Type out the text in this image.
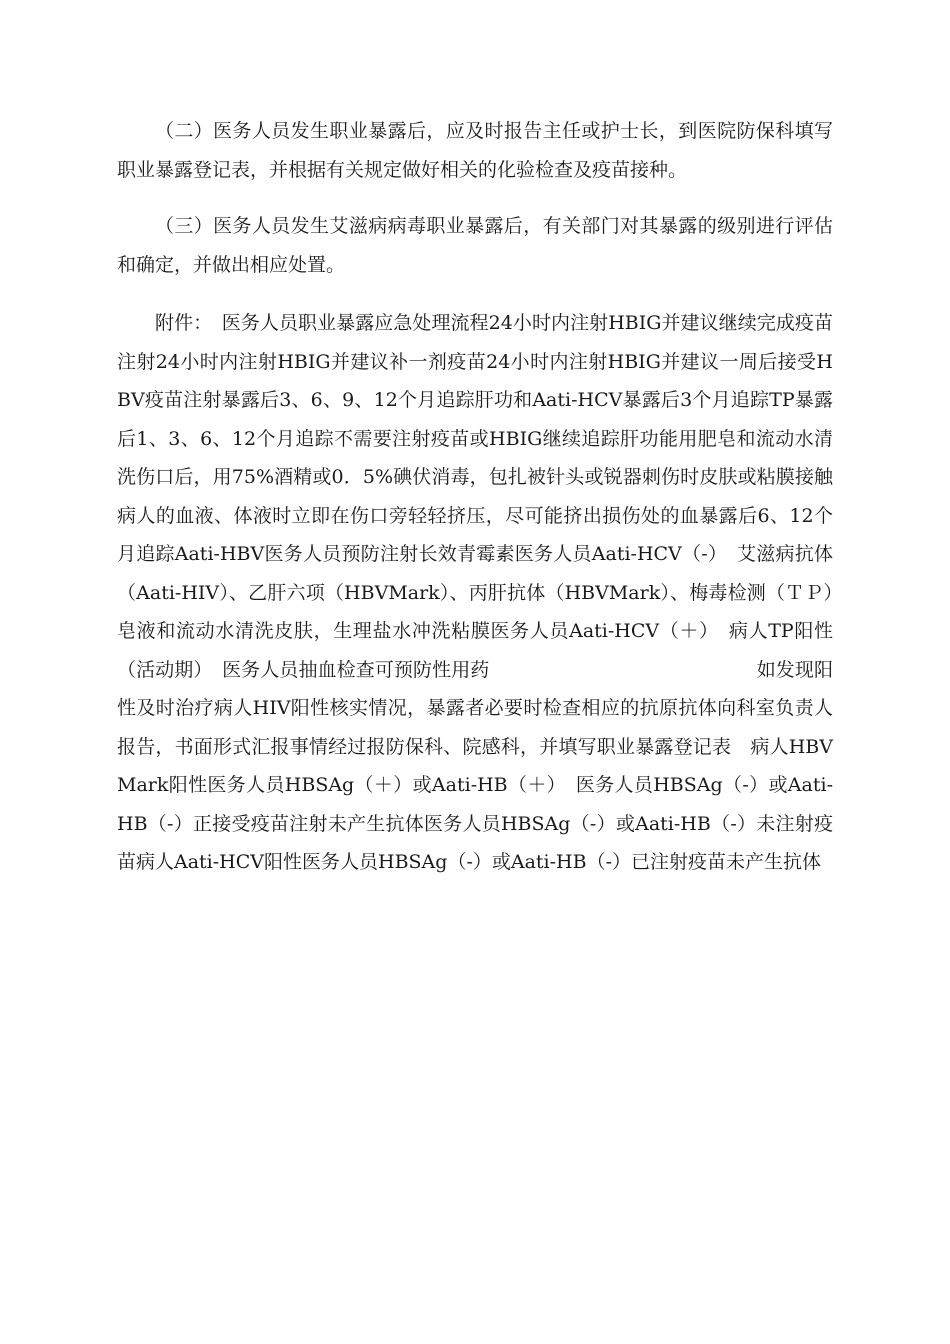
（二）医务人员发生职业暴露后，应及时报告主任或护士长，到医院防保科填写职业暴露登记表，并根据有关规定做好相关的化验检查及疫苗接种。

（三）医务人员发生艾滋病病毒职业暴露后，有关部门对其暴露的级别进行评估和确定，并做出相应处置。

附件：　医务人员职业暴露应急处理流程24小时内注射HBIG并建议继续完成疫苗注射24小时内注射HBIG并建议补一剂疫苗24小时内注射HBIG并建议一周后接受HBV疫苗注射暴露后3、6、9、12个月追踪肝功和Aati-HCV暴露后3个月追踪TP暴露后1、3、6、12个月追踪不需要注射疫苗或HBIG继续追踪肝功能用肥皂和流动水清洗伤口后，用75%酒精或0．5%碘伏消毒，包扎被针头或锐器刺伤时皮肤或粘膜接触病人的血液、体液时立即在伤口旁轻轻挤压，尽可能挤出损伤处的血暴露后6、12个月追踪Aati-HBV医务人员预防注射长效青霉素医务人员Aati-HCV（-）　艾滋病抗体（Aati-HIV）、乙肝六项（HBVMark）、丙肝抗体（HBVMark）、梅毒检测（ＴＰ）　皂液和流动水清洗皮肤，生理盐水冲洗粘膜医务人员Aati-HCV（＋）　病人TP阳性（活动期）　医务人员抽血检查可预防性用药　　　　　　　　　　　　　　如发现阳性及时治疗病人HIV阳性核实情况，暴露者必要时检查相应的抗原抗体向科室负责人报告，书面形式汇报事情经过报防保科、院感科，并填写职业暴露登记表　病人HBVMark阳性医务人员HBSAg（＋）或Aati-HB（＋）　医务人员HBSAg（-）或Aati-HB（-）正接受疫苗注射未产生抗体医务人员HBSAg（-）或Aati-HB（-）未注射疫苗病人Aati-HCV阳性医务人员HBSAg（-）或Aati-HB（-）已注射疫苗未产生抗体
